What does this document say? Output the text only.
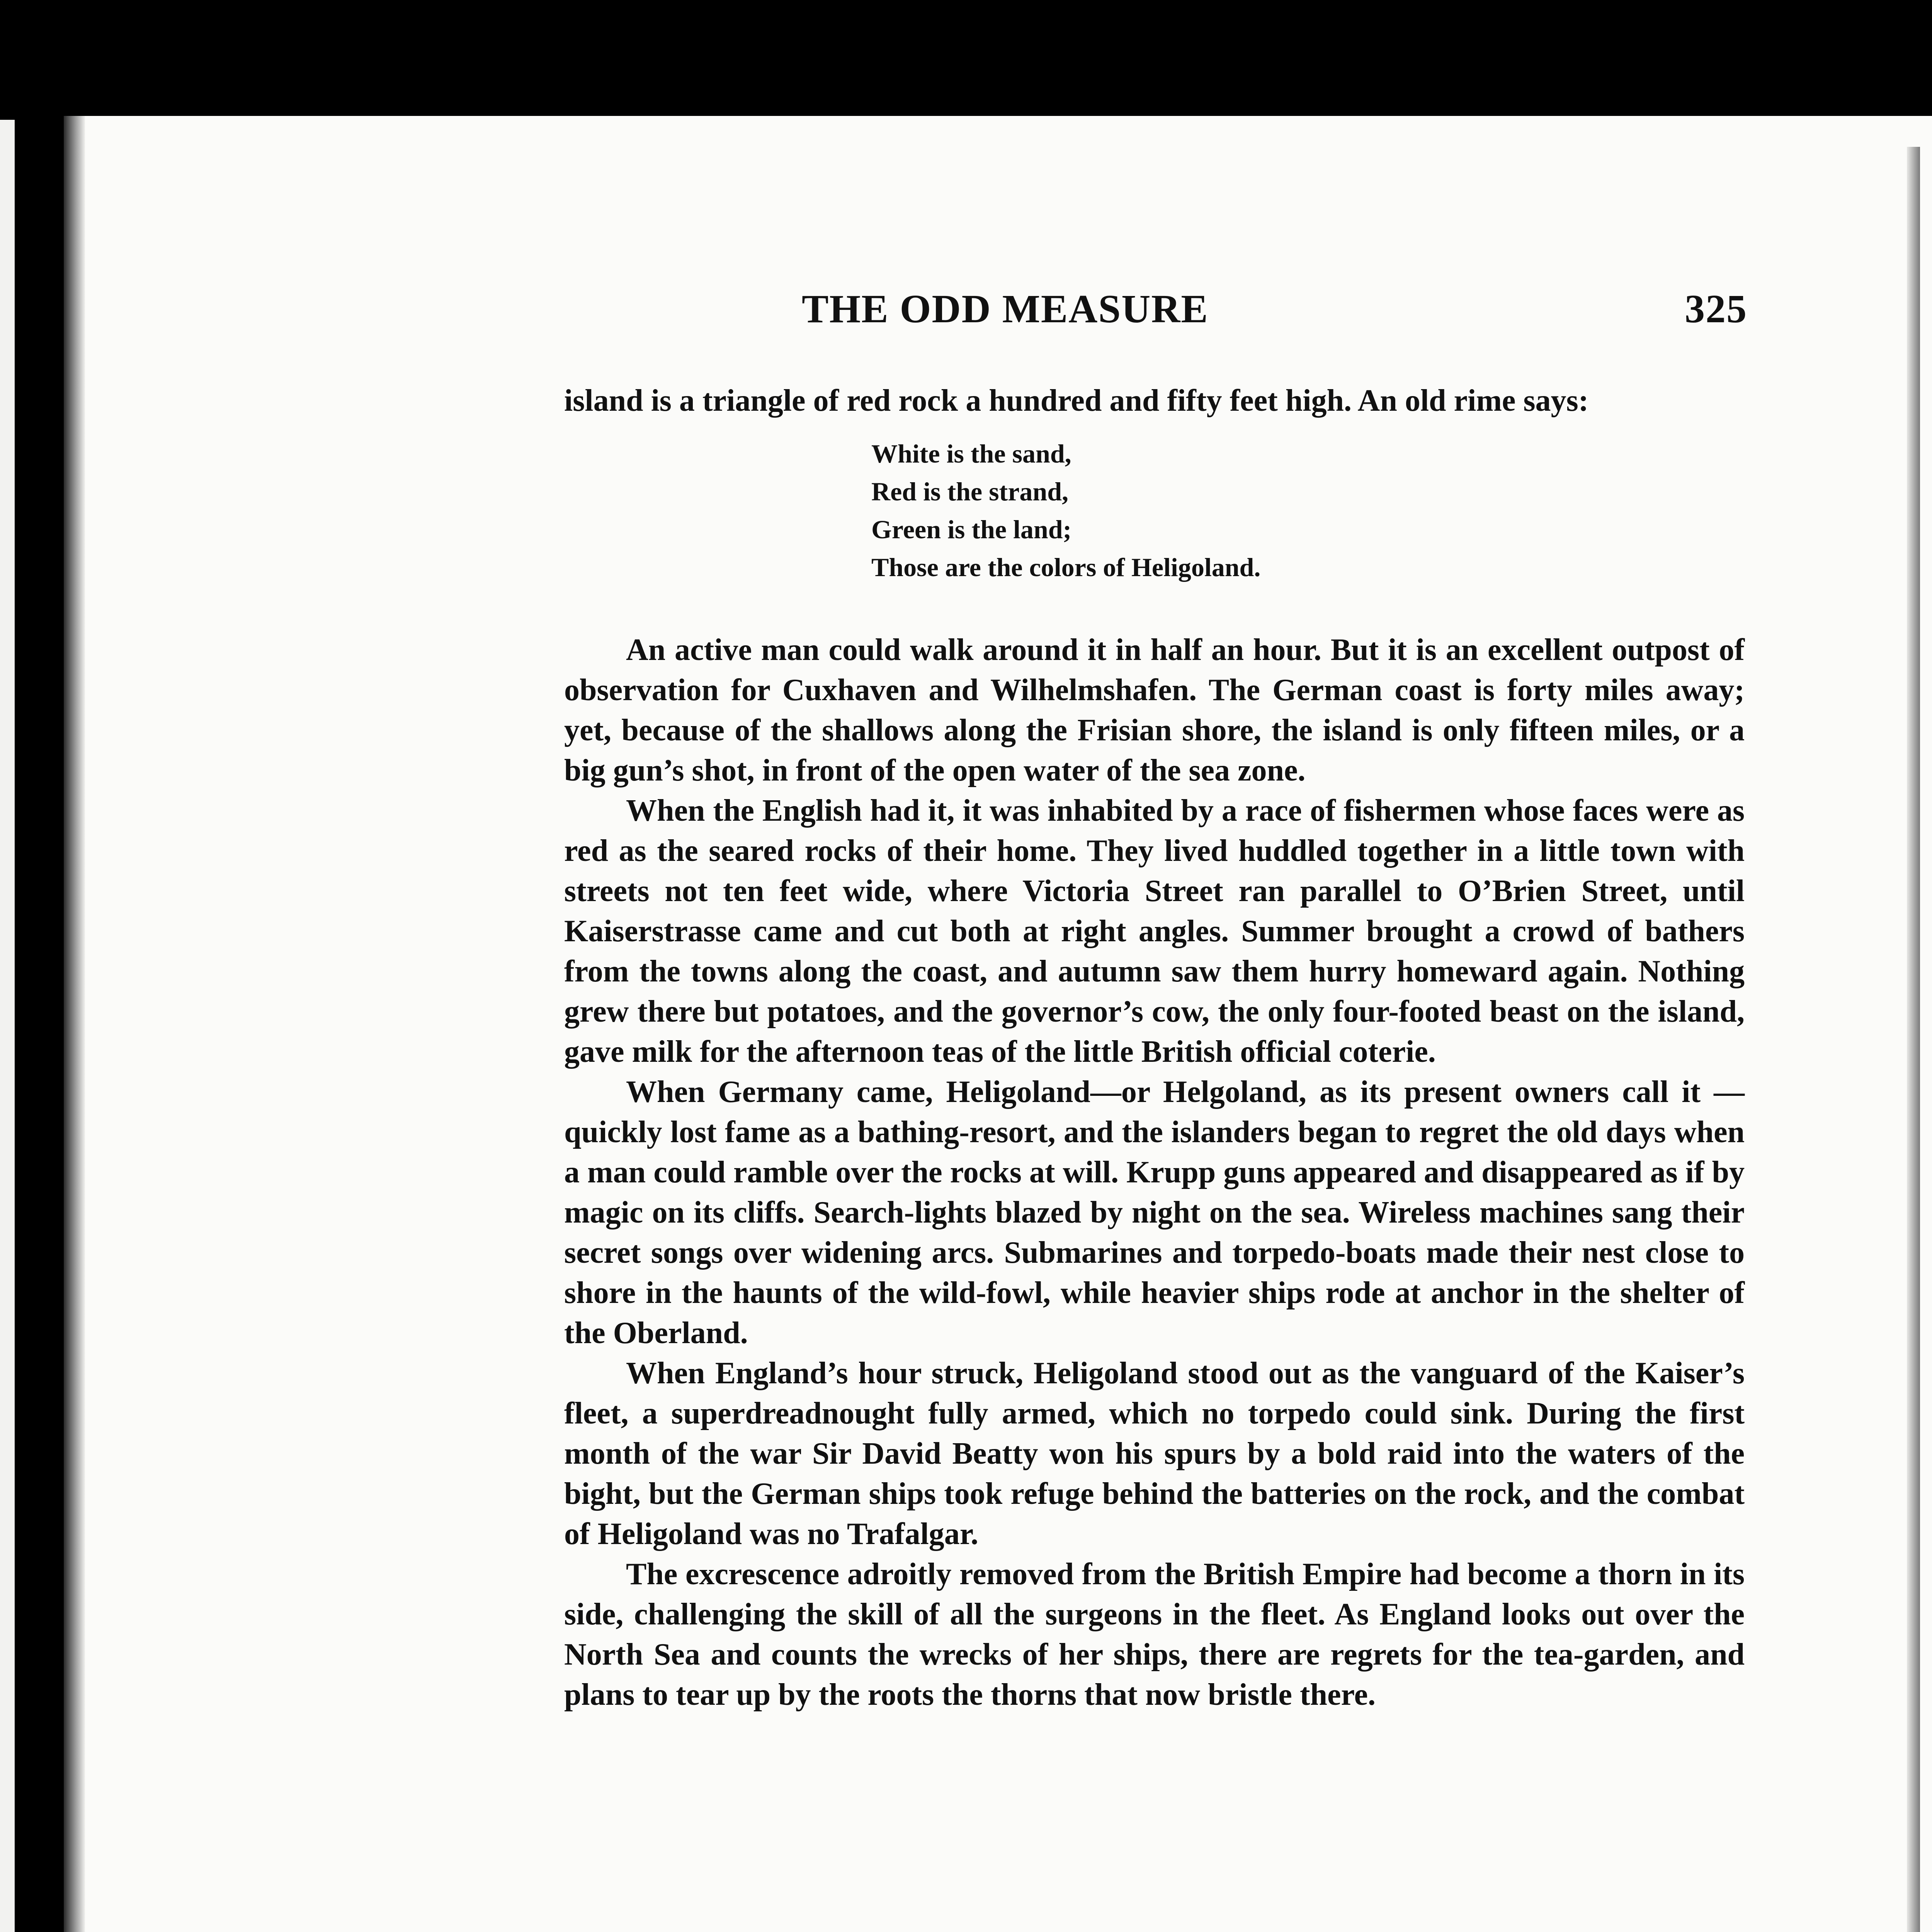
THE ODD MEASURE	325

island is a triangle of red rock a hundred and fifty feet high. An old rime says:

White is the sand,
Red is the strand,
Green is the land;
Those are the colors of Heligoland.

An active man could walk around it in half an hour. But it is an excellent outpost of observation for Cuxhaven and Wilhelmshafen. The German coast is forty miles away; yet, because of the shallows along the Frisian shore, the island is only fifteen miles, or a big gun’s shot, in front of the open water of the sea zone.

When the English had it, it was inhabited by a race of fishermen whose faces were as red as the seared rocks of their home. They lived huddled together in a little town with streets not ten feet wide, where Victoria Street ran parallel to O’Brien Street, until Kaiserstrasse came and cut both at right angles. Summer brought a crowd of bathers from the towns along the coast, and autumn saw them hurry homeward again. Nothing grew there but potatoes, and the governor’s cow, the only four-footed beast on the island, gave milk for the afternoon teas of the little British official coterie.

When Germany came, Heligoland—or Helgoland, as its present owners call it — quickly lost fame as a bathing-resort, and the islanders began to regret the old days when a man could ramble over the rocks at will. Krupp guns appeared and disappeared as if by magic on its cliffs. Search-lights blazed by night on the sea. Wireless machines sang their secret songs over widening arcs. Submarines and torpedo-boats made their nest close to shore in the haunts of the wild-fowl, while heavier ships rode at anchor in the shelter of the Oberland.

When England’s hour struck, Heligoland stood out as the vanguard of the Kaiser’s fleet, a superdreadnought fully armed, which no torpedo could sink. During the first month of the war Sir David Beatty won his spurs by a bold raid into the waters of the bight, but the German ships took refuge behind the batteries on the rock, and the combat of Heligoland was no Trafalgar.

The excrescence adroitly removed from the British Empire had become a thorn in its side, challenging the skill of all the surgeons in the fleet. As England looks out over the North Sea and counts the wrecks of her ships, there are regrets for the tea-garden, and plans to tear up by the roots the thorns that now bristle there.
